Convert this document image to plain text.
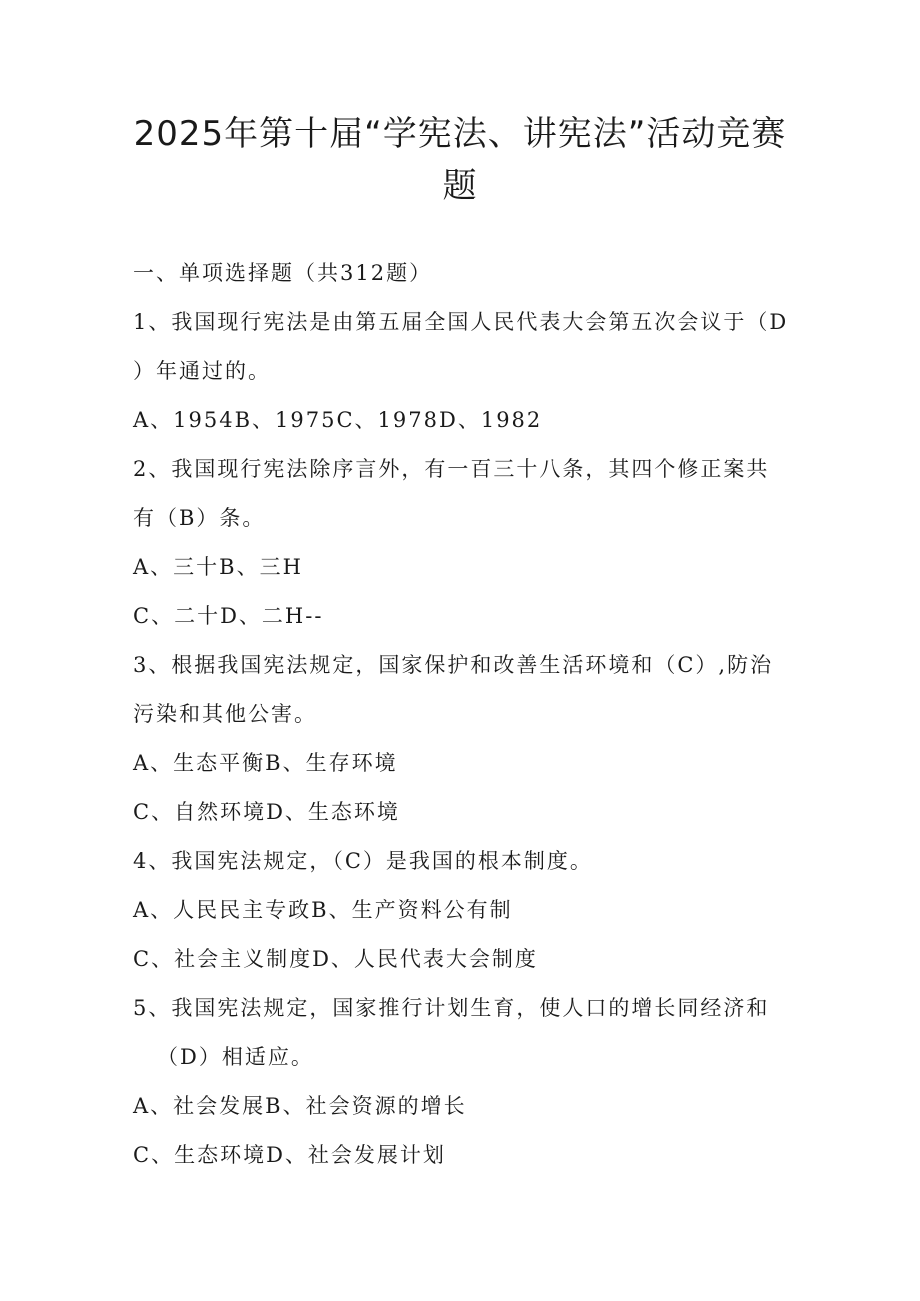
2025年第十届“学宪法、讲宪法”活动竞赛题
一、单项选择题（共312题）
1、我国现行宪法是由第五届全国人民代表大会第五次会议于（D
）年通过的。
A、1954B、1975C、1978D、1982
2、我国现行宪法除序言外，有一百三十八条，其四个修正案共
有（B）条。
A、三十B、三H
C、二十D、二H--
3、根据我国宪法规定，国家保护和改善生活环境和（C）,防治
污染和其他公害。
A、生态平衡B、生存环境
C、自然环境D、生态环境
4、我国宪法规定，（C）是我国的根本制度。
A、人民民主专政B、生产资料公有制
C、社会主义制度D、人民代表大会制度
5、我国宪法规定，国家推行计划生育，使人口的增长同经济和
（D）相适应。
A、社会发展B、社会资源的增长
C、生态环境D、社会发展计划
